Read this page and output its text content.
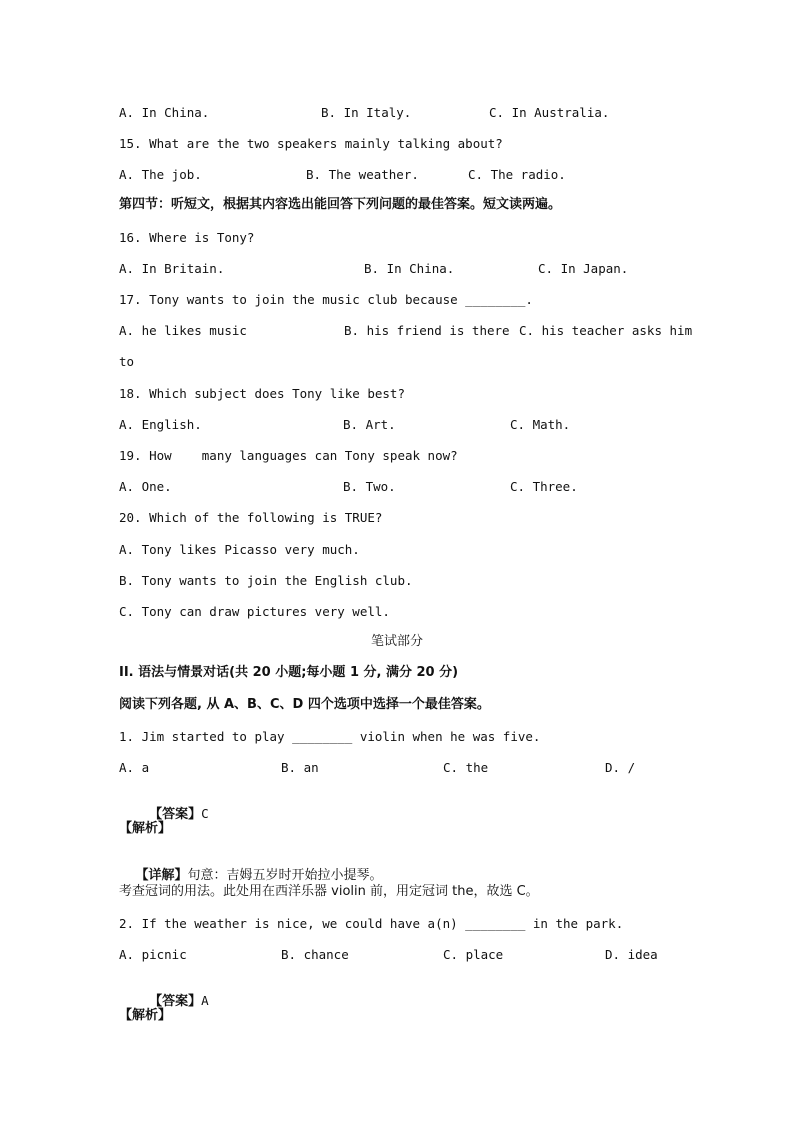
A. In China.

	B. In Italy.

	C. In Australia.

15. What are the two speakers mainly talking about?

A. The job.

	B. The weather.

	C. The radio.

第四节：听短文，根据其内容选出能回答下列问题的最佳答案。短文读两遍。
16. Where is Tony?

A. In Britain.

	B. In China.

	C. In Japan.

17. Tony wants to join the music club because ________.

A. he likes music

	B. his friend is there

C. his teacher asks him

to
18. Which subject does Tony like best?

A. English.

	B. Art.

	C. Math.

19. How    many languages can Tony speak now?

A. One.

	B. Two.

	C. Three.

20. Which of the following is TRUE?
A. Tony likes Picasso very much.
B. Tony wants to join the English club.
C. Tony can draw pictures very well.
笔试部分
II. 语法与情景对话(共 20 小题;每小题 1 分, 满分 20 分)
阅读下列各题, 从 A、B、C、D 四个选项中选择一个最佳答案。
1. Jim started to play ________ violin when he was five.

A. a

	B. an

	C. the

	D. /

【答案】C

【解析】

【详解】句意：吉姆五岁时开始拉小提琴。

考查冠词的用法。此处用在西洋乐器 violin 前，用定冠词 the，故选 C。
2. If the weather is nice, we could have a(n) ________ in the park.

A. picnic

	B. chance

	C. place

	D. idea

【答案】A

【解析】
